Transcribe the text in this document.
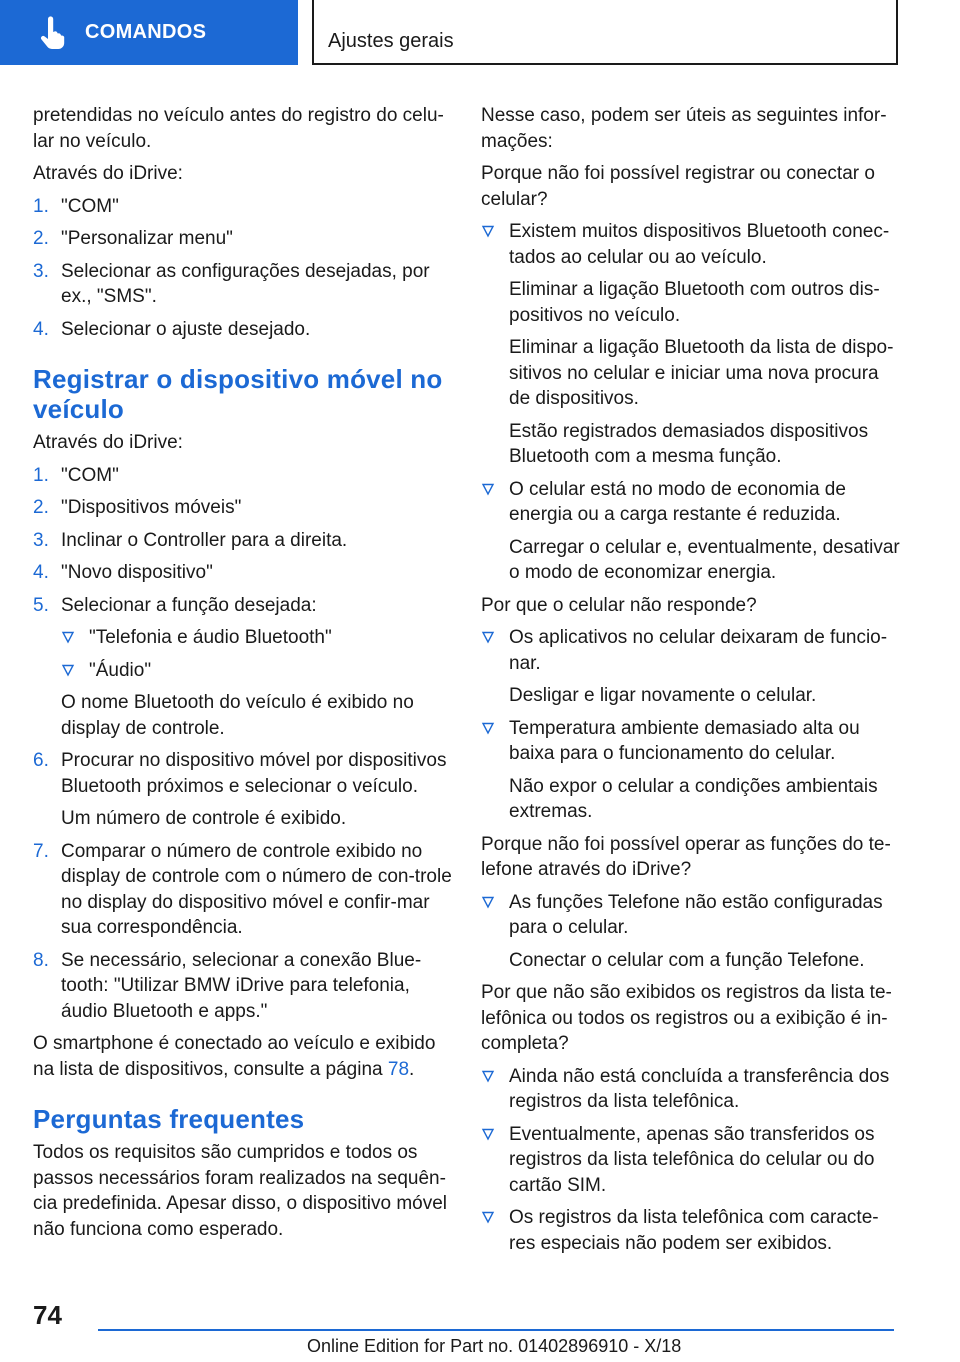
COMANDOS	Ajustes gerais

pretendidas no veículo antes do registro do celu-lar no veículo.

Através do iDrive:

1. "COM"
2. "Personalizar menu"
3. Selecionar as configurações desejadas, por ex., "SMS".
4. Selecionar o ajuste desejado.
Registrar o dispositivo móvel no veículo

Através do iDrive:

1. "COM"
2. "Dispositivos móveis"
3. Inclinar o Controller para a direita.
4. "Novo dispositivo"
5. Selecionar a função desejada:
"Telefonia e áudio Bluetooth"
"Áudio"

O nome Bluetooth do veículo é exibido no display de controle.

6. Procurar no dispositivo móvel por dispositivos Bluetooth próximos e selecionar o veículo.

Um número de controle é exibido.

7. Comparar o número de controle exibido no display de controle com o número de con-trole no display do dispositivo móvel e confir-mar sua correspondência.
8. Se necessário, selecionar a conexão Blue-tooth: "Utilizar BMW iDrive para telefonia, áudio Bluetooth e apps."

O smartphone é conectado ao veículo e exibido na lista de dispositivos, consulte a página 78.

Perguntas frequentes

Todos os requisitos são cumpridos e todos os passos necessários foram realizados na sequên-cia predefinida. Apesar disso, o dispositivo móvel não funciona como esperado.

Nesse caso, podem ser úteis as seguintes infor-mações:

Porque não foi possível registrar ou conectar o celular?

Existem muitos dispositivos Bluetooth conec-tados ao celular ou ao veículo.

Eliminar a ligação Bluetooth com outros dis-positivos no veículo.

Eliminar a ligação Bluetooth da lista de dispo-sitivos no celular e iniciar uma nova procura de dispositivos.

Estão registrados demasiados dispositivos Bluetooth com a mesma função.

O celular está no modo de economia de energia ou a carga restante é reduzida.

Carregar o celular e, eventualmente, desativar o modo de economizar energia.

Por que o celular não responde?

Os aplicativos no celular deixaram de funcio-nar.

Desligar e ligar novamente o celular.

Temperatura ambiente demasiado alta ou baixa para o funcionamento do celular.

Não expor o celular a condições ambientais extremas.

Porque não foi possível operar as funções do te-lefone através do iDrive?

As funções Telefone não estão configuradas para o celular.

Conectar o celular com a função Telefone.

Por que não são exibidos os registros da lista te-lefônica ou todos os registros ou a exibição é in-completa?

Ainda não está concluída a transferência dos registros da lista telefônica.
Eventualmente, apenas são transferidos os registros da lista telefônica do celular ou do cartão SIM.
Os registros da lista telefônica com caracte-res especiais não podem ser exibidos.
74
Online Edition for Part no. 01402896910 - X/18
